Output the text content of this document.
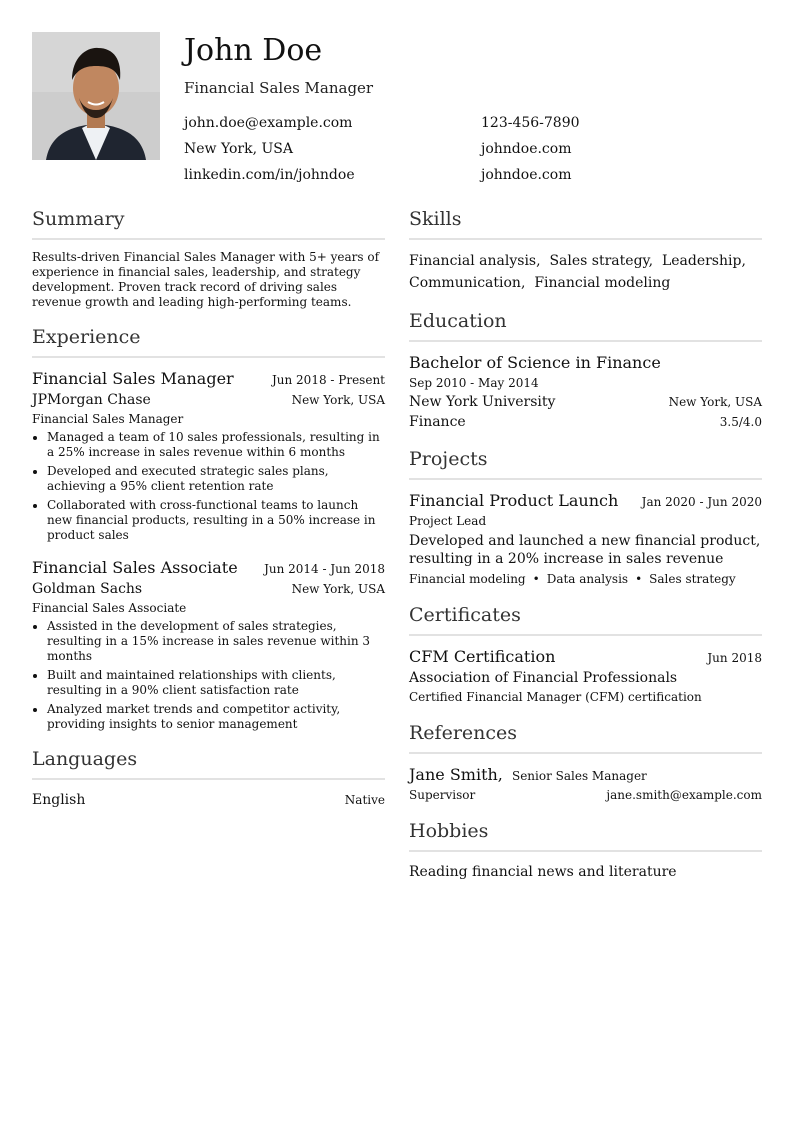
John Doe
Financial Sales Manager
john.doe@example.com	123-456-7890
New York, USA	johndoe.com
linkedin.com/in/johndoe	johndoe.com
Summary
Results-driven Financial Sales Manager with 5+ years of experience in financial sales, leadership, and strategy development. Proven track record of driving sales revenue growth and leading high-performing teams.
Experience
Financial Sales Manager	Jun 2018 - Present
JPMorgan Chase	New York, USA
Financial Sales Manager
• Managed a team of 10 sales professionals, resulting in a 25% increase in sales revenue within 6 months
• Developed and executed strategic sales plans, achieving a 95% client retention rate
• Collaborated with cross-functional teams to launch new financial products, resulting in a 50% increase in product sales
Financial Sales Associate Jun 2014 - Jun 2018
Goldman Sachs	New York, USA
Financial Sales Associate
• Assisted in the development of sales strategies, resulting in a 15% increase in sales revenue within 3 months
• Built and maintained relationships with clients, resulting in a 90% client satisfaction rate
• Analyzed market trends and competitor activity, providing insights to senior management
Languages
English	Native
Skills
Financial analysis,  Sales strategy,  Leadership, Communication,  Financial modeling
Education
Bachelor of Science in Finance
Sep 2010 - May 2014
New York University	New York, USA
Finance	3.5/4.0
Projects
Financial Product Launch Jan 2020 - Jun 2020
Project Lead
Developed and launched a new financial product, resulting in a 20% increase in sales revenue
Financial modeling • Data analysis • Sales strategy
Certificates
CFM Certification	Jun 2018
Association of Financial Professionals
Certified Financial Manager (CFM) certification
References
Jane Smith, Senior Sales Manager
Supervisor	jane.smith@example.com
Hobbies
Reading financial news and literature
